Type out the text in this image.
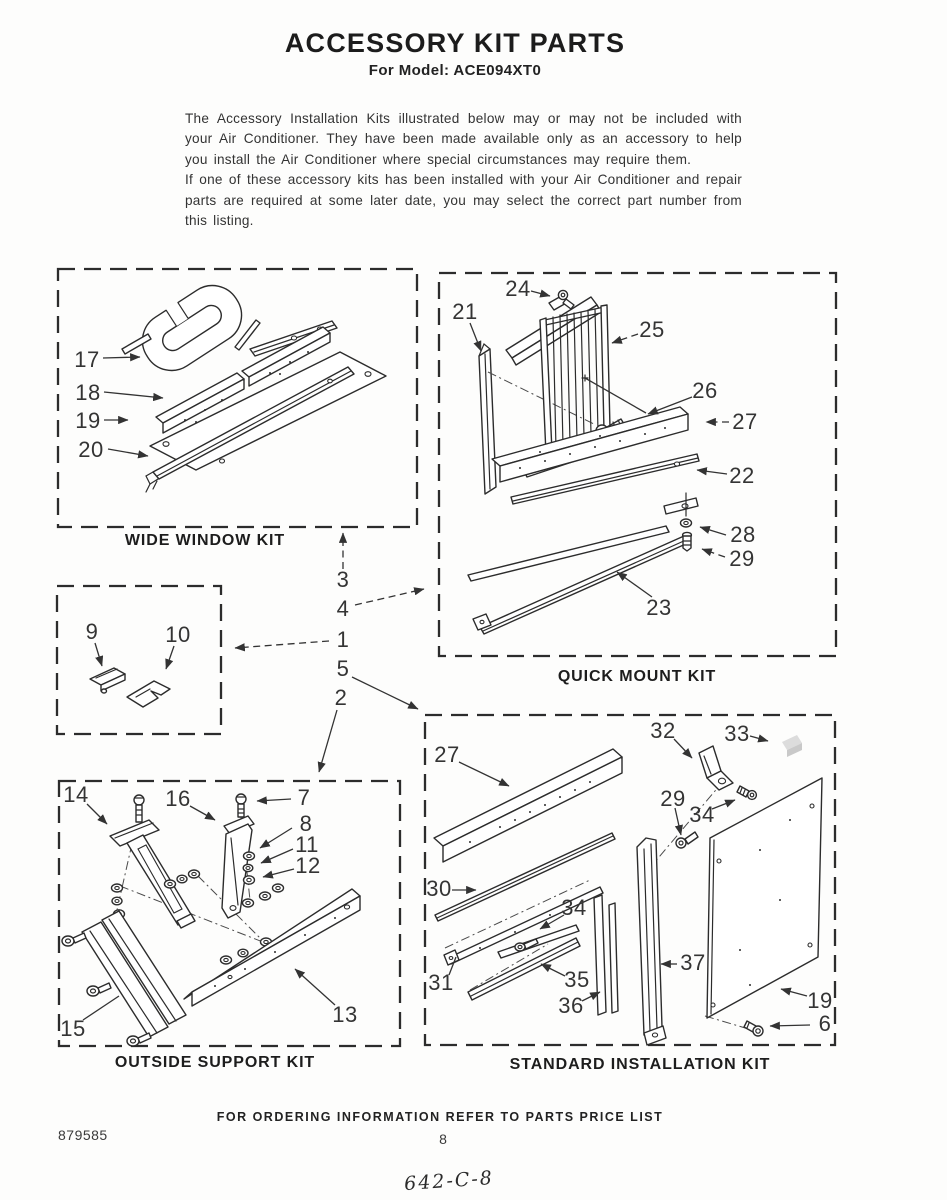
ACCESSORY KIT PARTS
For Model: ACE094XT0

The Accessory Installation Kits illustrated below may or may not be included with your Air Conditioner. They have been made available only as an accessory to help you install the Air Conditioner where special circumstances may require them.

If one of these accessory kits has been installed with your Air Conditioner and repair parts are required at some later date, you may select the correct part number from this listing.

WIDE WINDOW KIT
QUICK MOUNT KIT
OUTSIDE SUPPORT KIT	STANDARD INSTALLATION KIT
17
18
19
20
24
21
25
26
27
22
28
29
23
9	10
3
4
1
5
2
14	16	7
8
11
12
15
13
27
32 33
29
34
30
34
31	35
36
37
19
6
FOR ORDERING INFORMATION REFER TO PARTS PRICE LIST
879585	8
642-C-8
